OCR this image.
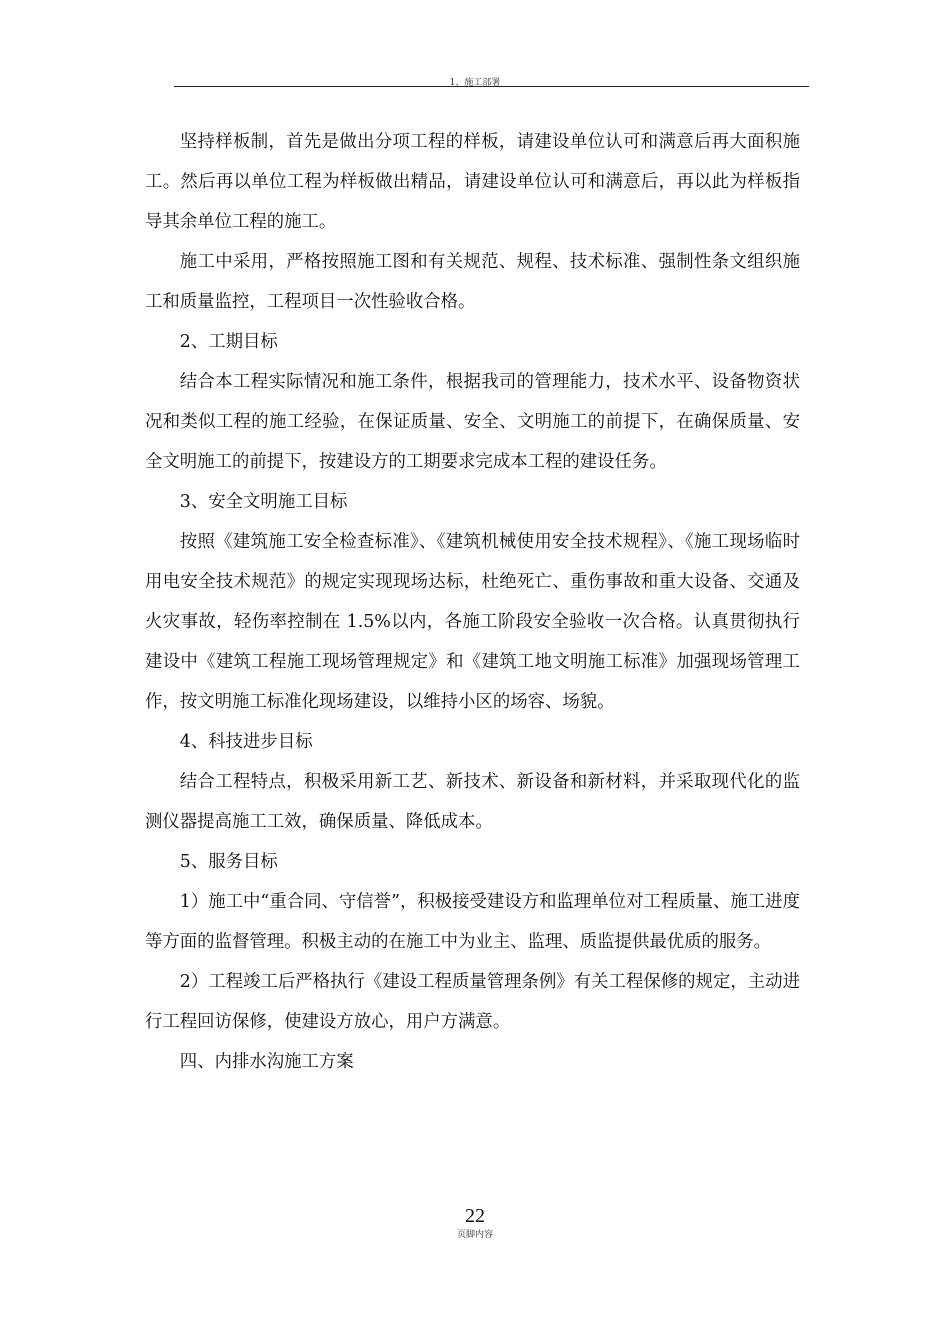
1、施工部署

坚持样板制，首先是做出分项工程的样板，请建设单位认可和满意后再大面积施工。然后再以单位工程为样板做出精品，请建设单位认可和满意后，再以此为样板指导其余单位工程的施工。

施工中采用，严格按照施工图和有关规范、规程、技术标准、强制性条文组织施工和质量监控，工程项目一次性验收合格。

2、工期目标

结合本工程实际情况和施工条件，根据我司的管理能力，技术水平、设备物资状况和类似工程的施工经验，在保证质量、安全、文明施工的前提下，在确保质量、安全文明施工的前提下，按建设方的工期要求完成本工程的建设任务。

3、安全文明施工目标

按照《建筑施工安全检查标准》、《建筑机械使用安全技术规程》、《施工现场临时用电安全技术规范》的规定实现现场达标，杜绝死亡、重伤事故和重大设备、交通及火灾事故，轻伤率控制在 1.5%以内，各施工阶段安全验收一次合格。认真贯彻执行建设中《建筑工程施工现场管理规定》和《建筑工地文明施工标准》加强现场管理工作，按文明施工标准化现场建设，以维持小区的场容、场貌。

4、科技进步目标

结合工程特点，积极采用新工艺、新技术、新设备和新材料，并采取现代化的监测仪器提高施工工效，确保质量、降低成本。

5、服务目标

1）施工中“重合同、守信誉”，积极接受建设方和监理单位对工程质量、施工进度等方面的监督管理。积极主动的在施工中为业主、监理、质监提供最优质的服务。

2）工程竣工后严格执行《建设工程质量管理条例》有关工程保修的规定，主动进行工程回访保修，使建设方放心，用户方满意。

四、内排水沟施工方案

22
页脚内容
